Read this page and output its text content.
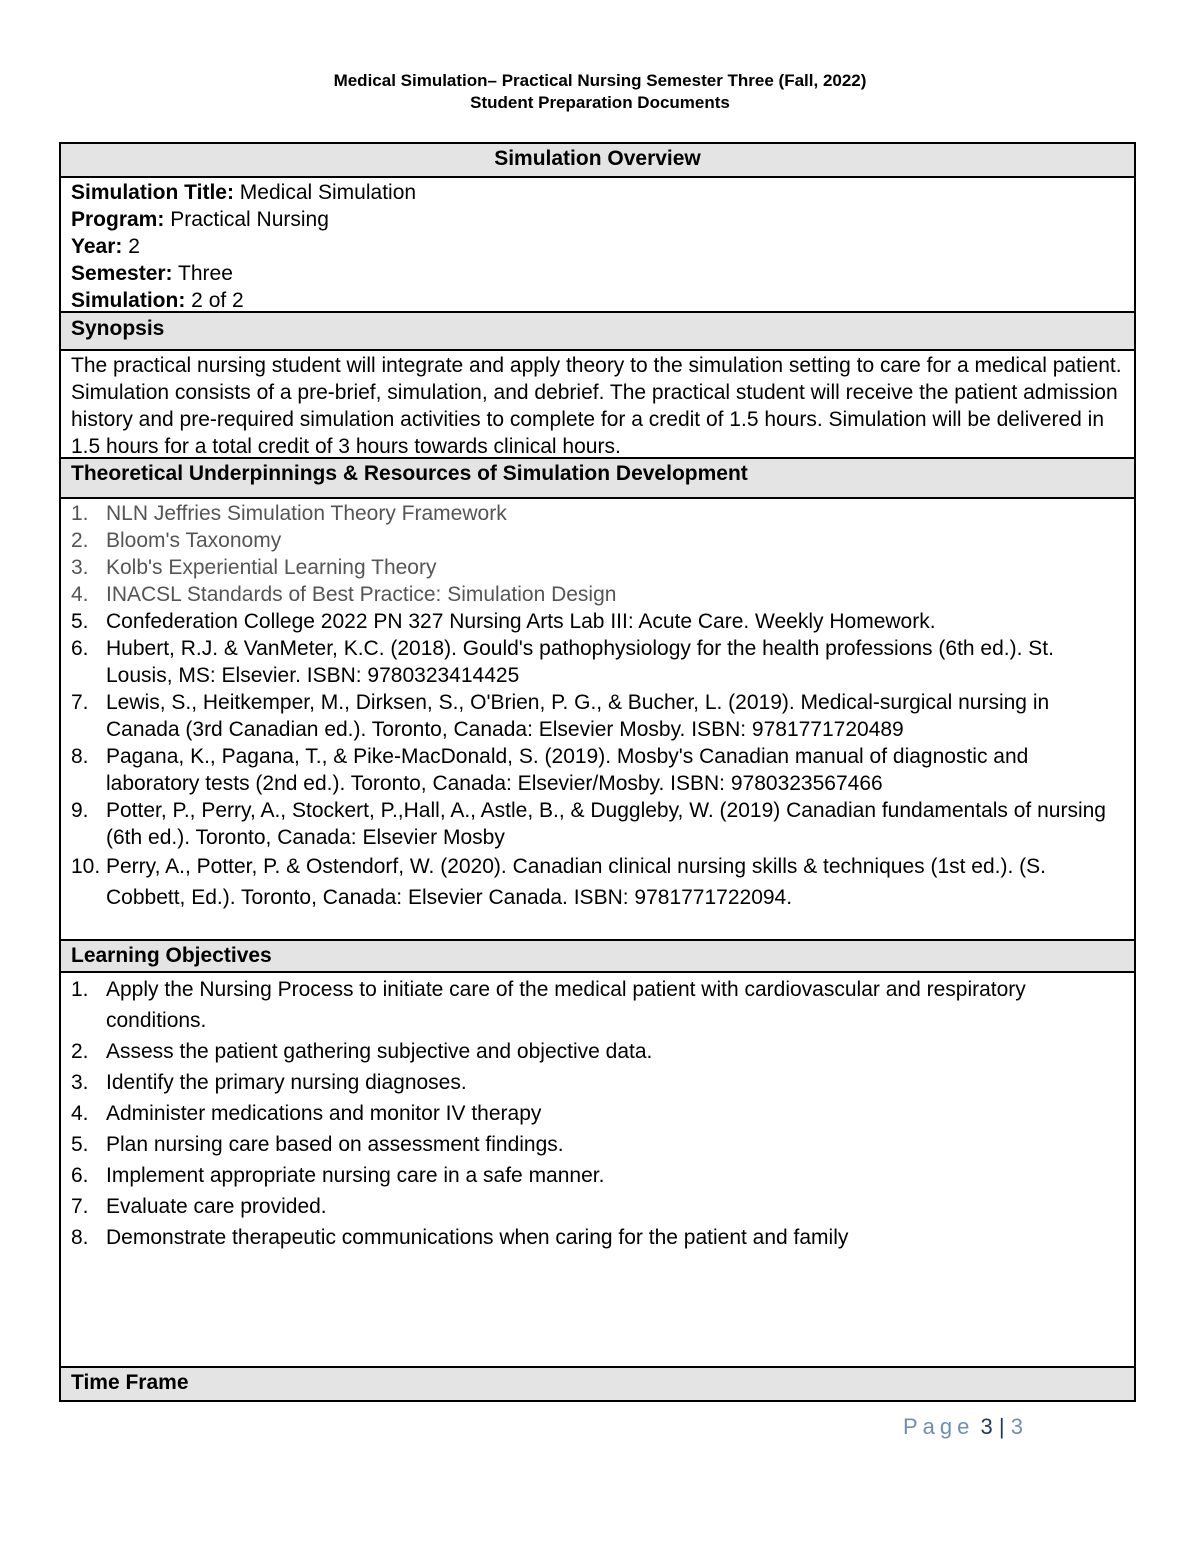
Medical Simulation– Practical Nursing Semester Three (Fall, 2022)
Student Preparation Documents
Simulation Overview
Simulation Title: Medical Simulation
Program: Practical Nursing
Year: 2
Semester: Three
Simulation: 2 of 2
Synopsis
The practical nursing student will integrate and apply theory to the simulation setting to care for a medical patient. Simulation consists of a pre-brief, simulation, and debrief. The practical student will receive the patient admission history and pre-required simulation activities to complete for a credit of 1.5 hours. Simulation will be delivered in 1.5 hours for a total credit of 3 hours towards clinical hours.
Theoretical Underpinnings & Resources of Simulation Development
1. NLN Jeffries Simulation Theory Framework
2. Bloom's Taxonomy
3. Kolb's Experiential Learning Theory
4. INACSL Standards of Best Practice: Simulation Design
5. Confederation College 2022 PN 327 Nursing Arts Lab III: Acute Care. Weekly Homework.
6. Hubert, R.J. & VanMeter, K.C. (2018). Gould's pathophysiology for the health professions (6th ed.). St. Lousis, MS: Elsevier. ISBN: 9780323414425
7. Lewis, S., Heitkemper, M., Dirksen, S., O'Brien, P. G., & Bucher, L. (2019). Medical-surgical nursing in Canada (3rd Canadian ed.). Toronto, Canada: Elsevier Mosby. ISBN: 9781771720489
8. Pagana, K., Pagana, T., & Pike-MacDonald, S. (2019). Mosby's Canadian manual of diagnostic and laboratory tests (2nd ed.). Toronto, Canada: Elsevier/Mosby. ISBN: 9780323567466
9. Potter, P., Perry, A., Stockert, P.,Hall, A., Astle, B., & Duggleby, W. (2019) Canadian fundamentals of nursing (6th ed.). Toronto, Canada: Elsevier Mosby
10. Perry, A., Potter, P. & Ostendorf, W. (2020). Canadian clinical nursing skills & techniques (1st ed.). (S. Cobbett, Ed.). Toronto, Canada: Elsevier Canada. ISBN: 9781771722094.
Learning Objectives
1. Apply the Nursing Process to initiate care of the medical patient with cardiovascular and respiratory conditions.
2. Assess the patient gathering subjective and objective data.
3. Identify the primary nursing diagnoses.
4. Administer medications and monitor IV therapy
5. Plan nursing care based on assessment findings.
6. Implement appropriate nursing care in a safe manner.
7. Evaluate care provided.
8. Demonstrate therapeutic communications when caring for the patient and family
Time Frame
Page 3 | 3
